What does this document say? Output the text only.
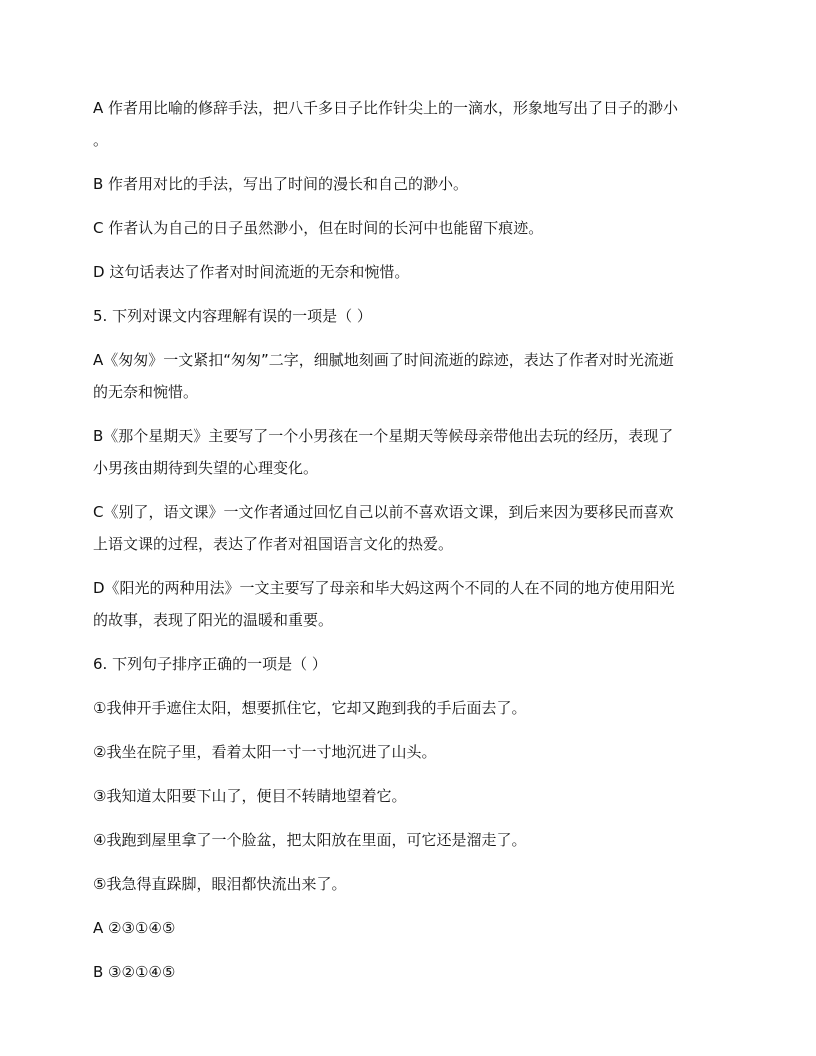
A 作者用比喻的修辞手法，把八千多日子比作针尖上的一滴水，形象地写出了日子的渺小
。

B 作者用对比的手法，写出了时间的漫长和自己的渺小。

C 作者认为自己的日子虽然渺小，但在时间的长河中也能留下痕迹。

D 这句话表达了作者对时间流逝的无奈和惋惜。

5. 下列对课文内容理解有误的一项是（ ）

A《匆匆》一文紧扣“匆匆”二字，细腻地刻画了时间流逝的踪迹，表达了作者对时光流逝
的无奈和惋惜。

B《那个星期天》主要写了一个小男孩在一个星期天等候母亲带他出去玩的经历，表现了
小男孩由期待到失望的心理变化。

C《别了，语文课》一文作者通过回忆自己以前不喜欢语文课，到后来因为要移民而喜欢
上语文课的过程，表达了作者对祖国语言文化的热爱。

D《阳光的两种用法》一文主要写了母亲和毕大妈这两个不同的人在不同的地方使用阳光
的故事，表现了阳光的温暖和重要。

6. 下列句子排序正确的一项是（ ）

①我伸开手遮住太阳，想要抓住它，它却又跑到我的手后面去了。

②我坐在院子里，看着太阳一寸一寸地沉进了山头。

③我知道太阳要下山了，便目不转睛地望着它。

④我跑到屋里拿了一个脸盆，把太阳放在里面，可它还是溜走了。

⑤我急得直跺脚，眼泪都快流出来了。

A ②③①④⑤

B ③②①④⑤
